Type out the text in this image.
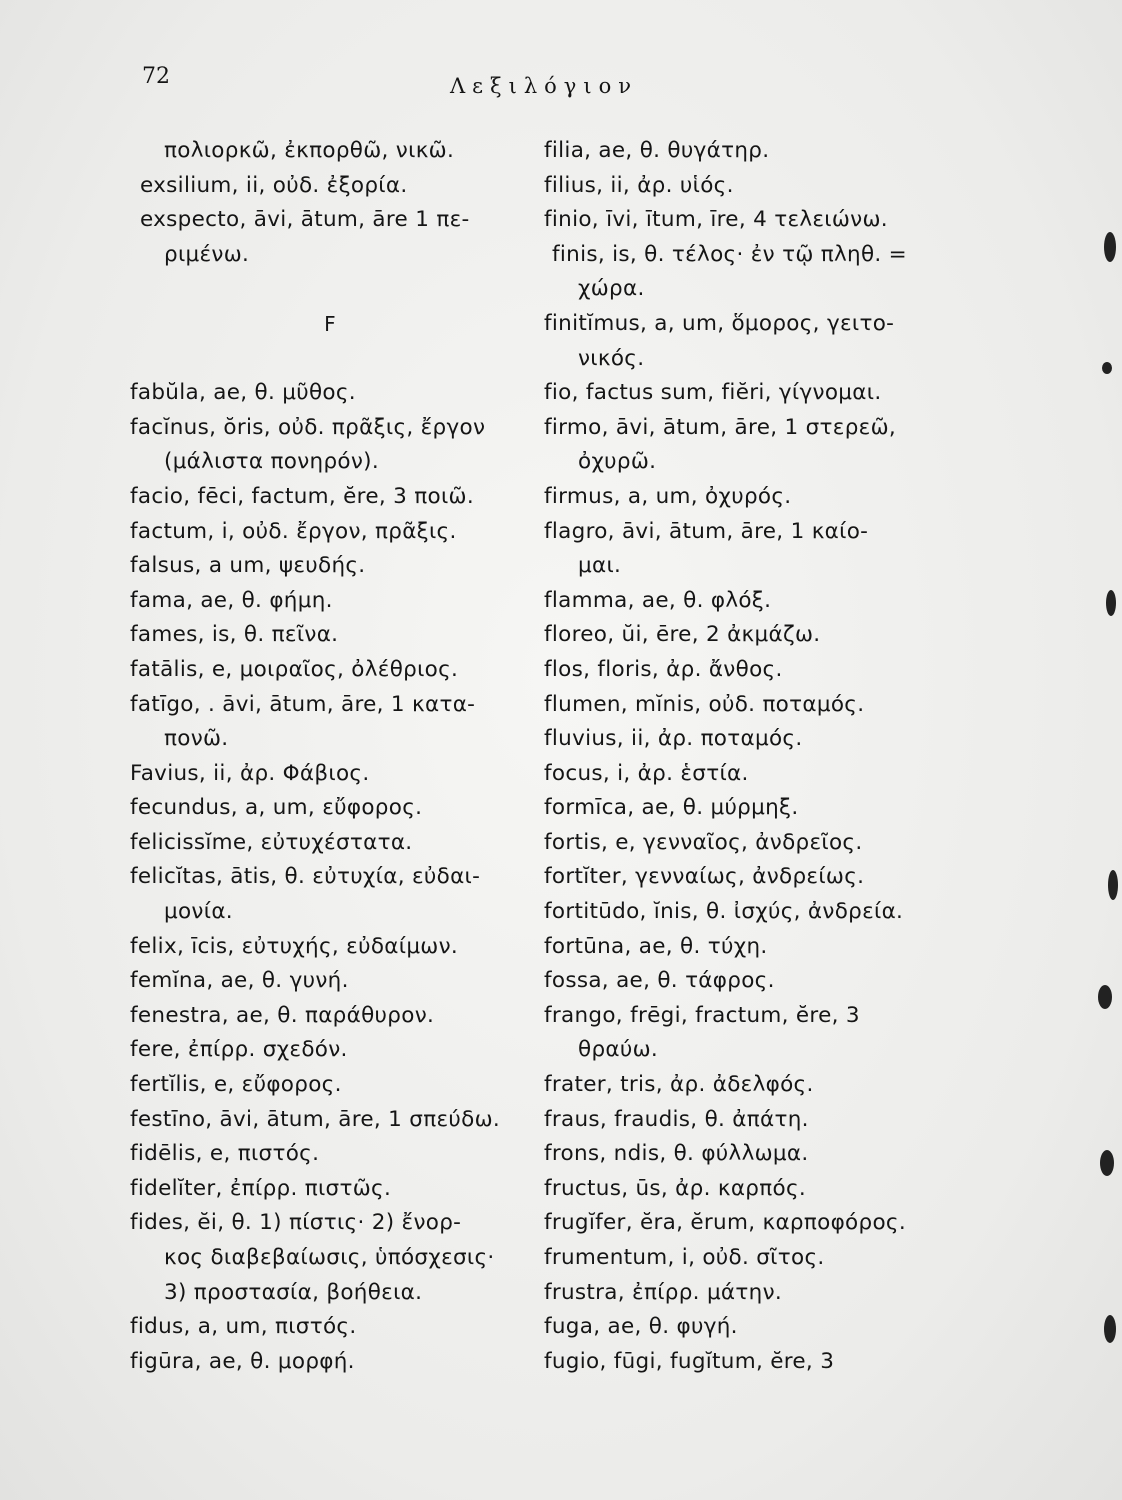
72	Λεξιλόγιον
πολιορκῶ, ἐκπορθῶ, νικῶ.
exsilium, ii, οὐδ. ἐξορία.
exspecto, āvi, ātum, āre 1 πε-
ριμένω.
F
fabŭla, ae, θ. μῦθος.
facĭnus, ŏris, οὐδ. πρᾶξις, ἔργον
(μάλιστα πονηρόν).
facio, fēci, factum, ĕre, 3 ποιῶ.
factum, i, οὐδ. ἔργον, πρᾶξις.
falsus, a um, ψευδής.
fama, ae, θ. φήμη.
fames, is, θ. πεῖνα.
fatālis, e, μοιραῖος, ὀλέθριος.
fatīgo, . āvi, ātum, āre, 1 κατα-
πονῶ.
Favius, ii, ἀρ. Φάβιος.
fecundus, a, um, εὔφορος.
felicissĭme, εὐτυχέστατα.
felicĭtas, ātis, θ. εὐτυχία, εὐδαι-
μονία.
felix, īcis, εὐτυχής, εὐδαίμων.
femĭna, ae, θ. γυνή.
fenestra, ae, θ. παράθυρον.
fere, ἐπίρρ. σχεδόν.
fertĭlis, e, εὔφορος.
festīno, āvi, ātum, āre, 1 σπεύδω.
fidēlis, e, πιστός.
fidelĭter, ἐπίρρ. πιστῶς.
fides, ĕi, θ. 1) πίστις· 2) ἔνορ-
κος διαβεβαίωσις, ὑπόσχεσις·
3) προστασία, βοήθεια.
fidus, a, um, πιστός.
figūra, ae, θ. μορφή.
filia, ae, θ. θυγάτηρ.
filius, ii, ἀρ. υἱός.
finio, īvi, ītum, īre, 4 τελειώνω.
finis, is, θ. τέλος· ἐν τῷ πληθ. =
χώρα.
finitĭmus, a, um, ὅμορος, γειτο-
νικός.
fio, factus sum, fiĕri, γίγνομαι.
firmo, āvi, ātum, āre, 1 στερεῶ,
ὀχυρῶ.
firmus, a, um, ὀχυρός.
flagro, āvi, ātum, āre, 1 καίο-
μαι.
flamma, ae, θ. φλόξ.
floreo, ŭi, ēre, 2 ἀκμάζω.
flos, floris, ἀρ. ἄνθος.
flumen, mĭnis, οὐδ. ποταμός.
fluvius, ii, ἀρ. ποταμός.
focus, i, ἀρ. ἑστία.
formīca, ae, θ. μύρμηξ.
fortis, e, γενναῖος, ἀνδρεῖος.
fortĭter, γενναίως, ἀνδρείως.
fortitūdo, ĭnis, θ. ἰσχύς, ἀνδρεία.
fortūna, ae, θ. τύχη.
fossa, ae, θ. τάφρος.
frango, frēgi, fractum, ĕre, 3
θραύω.
frater, tris, ἀρ. ἀδελφός.
fraus, fraudis, θ. ἀπάτη.
frons, ndis, θ. φύλλωμα.
fructus, ūs, ἀρ. καρπός.
frugĭfer, ĕra, ĕrum, καρποφόρος.
frumentum, i, οὐδ. σῖτος.
frustra, ἐπίρρ. μάτην.
fuga, ae, θ. φυγή.
fugio, fūgi, fugĭtum, ĕre, 3
